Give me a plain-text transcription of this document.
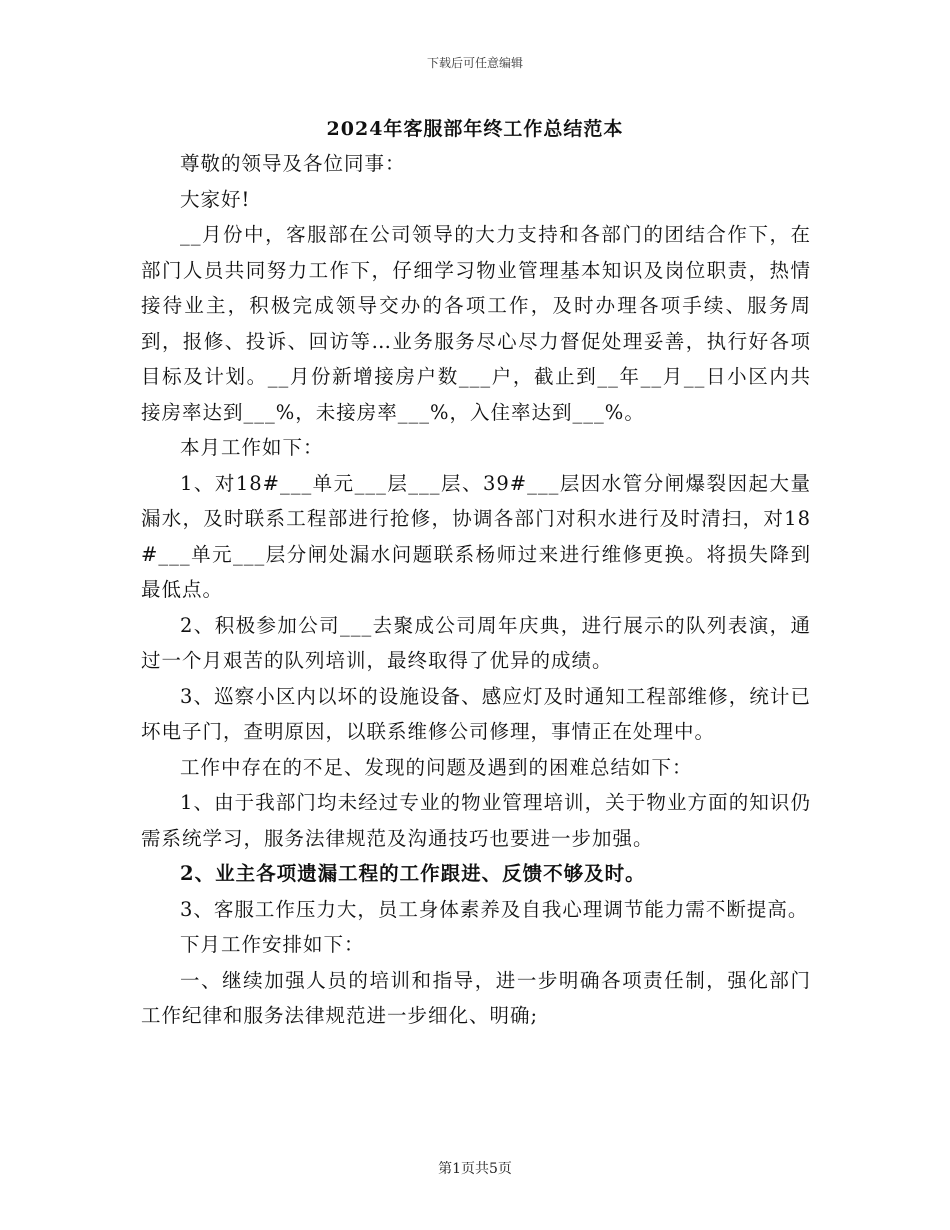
下载后可任意编辑
2024年客服部年终工作总结范本

尊敬的领导及各位同事：

大家好!

__月份中，客服部在公司领导的大力支持和各部门的团结合作下，在部门人员共同努力工作下，仔细学习物业管理基本知识及岗位职责，热情接待业主，积极完成领导交办的各项工作，及时办理各项手续、服务周到，报修、投诉、回访等…业务服务尽心尽力督促处理妥善，执行好各项目标及计划。__月份新增接房户数___户，截止到__年__月__日小区内共接房率达到___%，未接房率___%，入住率达到___%。

本月工作如下：

1、对18#___单元___层___层、39#___层因水管分闸爆裂因起大量漏水，及时联系工程部进行抢修，协调各部门对积水进行及时清扫，对18#___单元___层分闸处漏水问题联系杨师过来进行维修更换。将损失降到最低点。

2、积极参加公司___去聚成公司周年庆典，进行展示的队列表演，通过一个月艰苦的队列培训，最终取得了优异的成绩。

3、巡察小区内以坏的设施设备、感应灯及时通知工程部维修，统计已坏电子门，查明原因，以联系维修公司修理，事情正在处理中。

工作中存在的不足、发现的问题及遇到的困难总结如下：

1、由于我部门均未经过专业的物业管理培训，关于物业方面的知识仍需系统学习，服务法律规范及沟通技巧也要进一步加强。

2、业主各项遗漏工程的工作跟进、反馈不够及时。

3、客服工作压力大，员工身体素养及自我心理调节能力需不断提高。

下月工作安排如下：

一、继续加强人员的培训和指导，进一步明确各项责任制，强化部门工作纪律和服务法律规范进一步细化、明确;

第1页共5页
